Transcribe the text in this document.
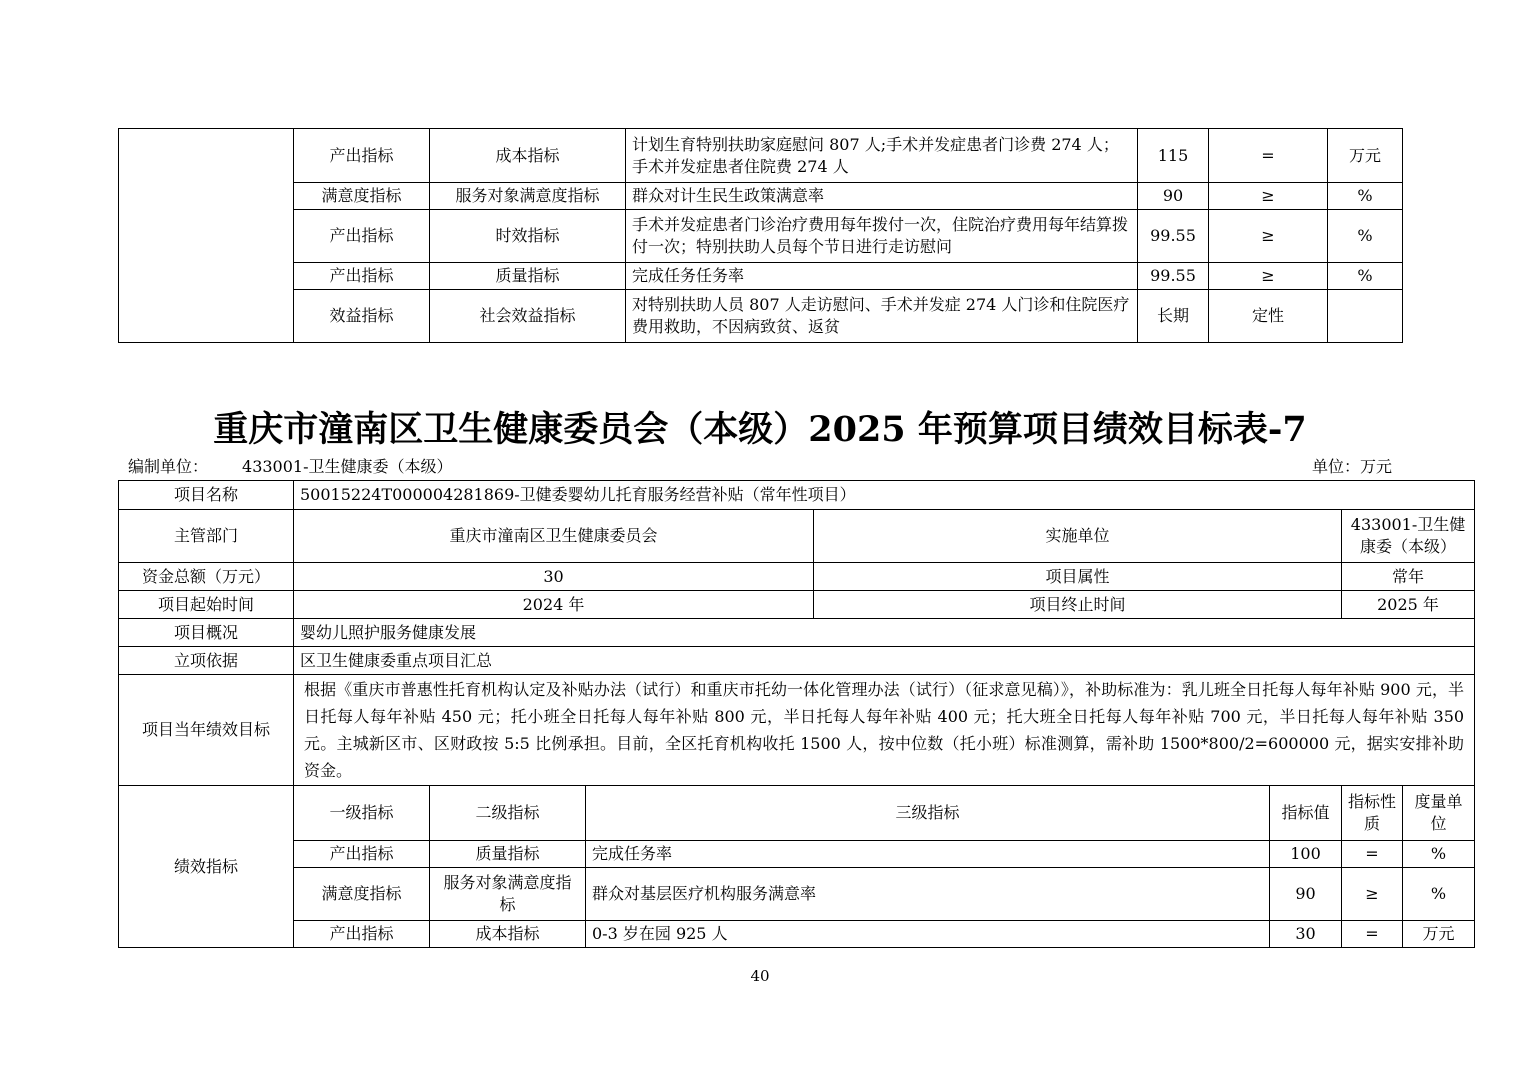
	产出指标	成本指标	计划生育特别扶助家庭慰问 807 人;手术并发症患者门诊费 274 人；手术并发症患者住院费 274 人	115	=	万元
	满意度指标	服务对象满意度指标	群众对计生民生政策满意率	90	≥	%
	产出指标	时效指标	手术并发症患者门诊治疗费用每年拨付一次，住院治疗费用每年结算拨付一次；特别扶助人员每个节日进行走访慰问	99.55	≥	%
	产出指标	质量指标	完成任务任务率	99.55	≥	%
	效益指标	社会效益指标	对特别扶助人员 807 人走访慰问、手术并发症 274 人门诊和住院医疗费用救助，不因病致贫、返贫	长期	定性	
重庆市潼南区卫生健康委员会（本级）2025 年预算项目绩效目标表-7
编制单位： 433001-卫生健康委（本级）	单位：万元
项目名称	50015224T000004281869-卫健委婴幼儿托育服务经营补贴（常年性项目）						
主管部门	重庆市潼南区卫生健康委员会			实施单位		433001-卫生健康委（本级）	
资金总额（万元）	30			项目属性		常年	
项目起始时间	2024 年			项目终止时间		2025 年	
项目概况	婴幼儿照护服务健康发展						
立项依据	区卫生健康委重点项目汇总						
项目当年绩效目标	根据《重庆市普惠性托育机构认定及补贴办法（试行）和重庆市托幼一体化管理办法（试行）（征求意见稿）》，补助标准为：乳儿班全日托每人每年补贴 900 元，半日托每人每年补贴 450 元；托小班全日托每人每年补贴 800 元，半日托每人每年补贴 400 元；托大班全日托每人每年补贴 700 元，半日托每人每年补贴 350 元。主城新区市、区财政按 5:5 比例承担。目前，全区托育机构收托 1500 人，按中位数（托小班）标准测算，需补助 1500*800/2=600000 元，据实安排补助资金。						
绩效指标	一级指标	二级指标	三级指标		指标值	指标性质	度量单位
	产出指标	质量指标	完成任务率		100	=	%
	满意度指标	服务对象满意度指标	群众对基层医疗机构服务满意率		90	≥	%
	产出指标	成本指标	0-3 岁在园 925 人		30	=	万元
40
